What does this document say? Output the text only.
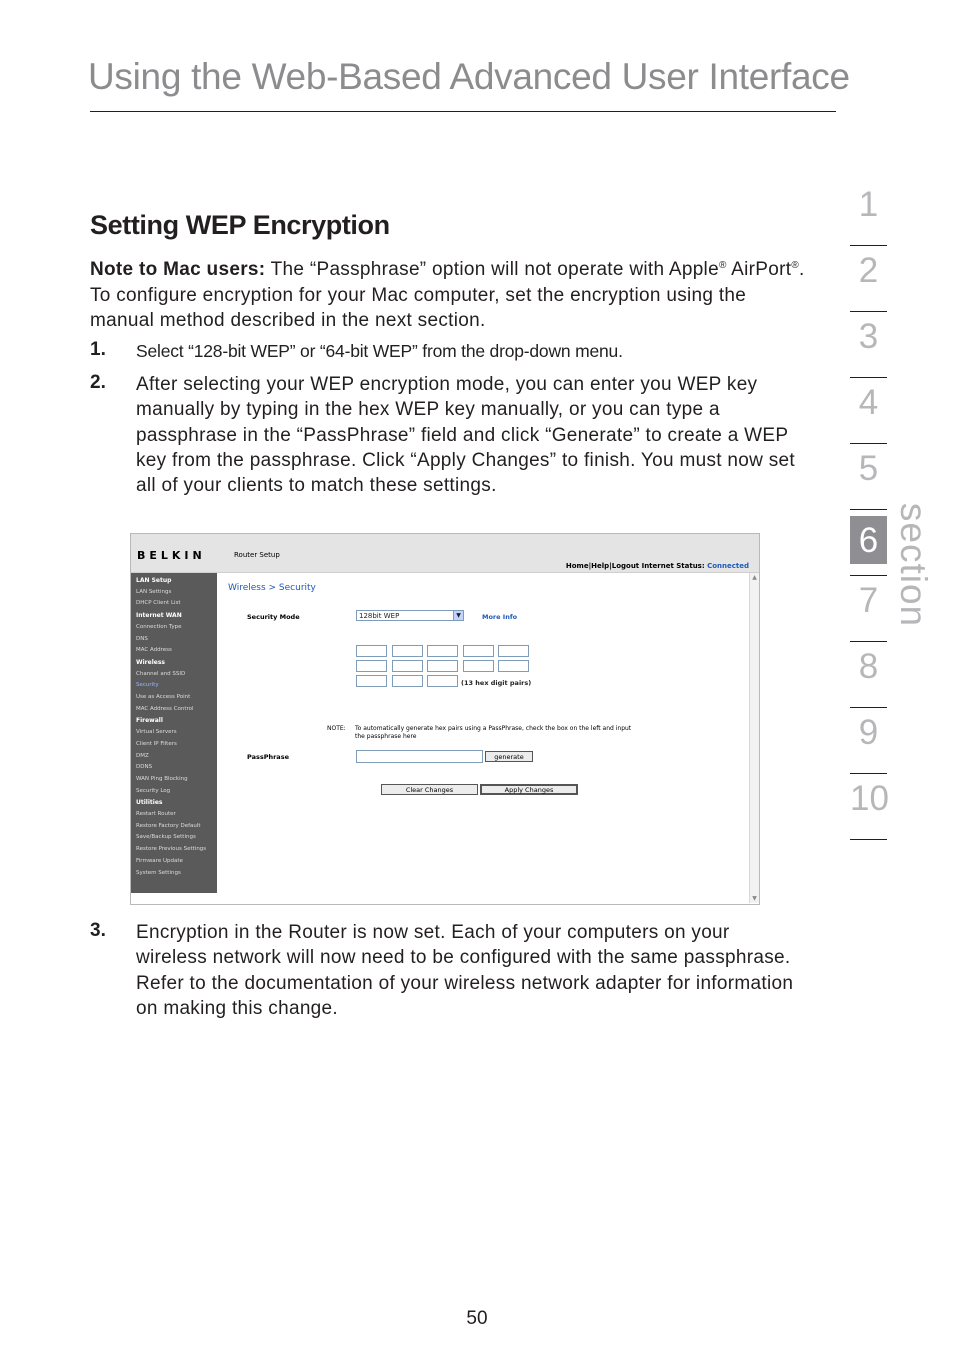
Using the Web-Based Advanced User Interface
1
2
3
4
5
6
7
8
9
10
section
Setting WEP Encryption
Note to Mac users: The “Passphrase” option will not operate with Apple® AirPort®. To configure encryption for your Mac computer, set the encryption using the manual method described in the next section.
1. Select “128-bit WEP” or “64-bit WEP” from the drop-down menu.
2. After selecting your WEP encryption mode, you can enter you WEP key manually by typing in the hex WEP key manually, or you can type a passphrase in the “PassPhrase” field and click “Generate” to create a WEP key from the passphrase. Click “Apply Changes” to finish. You must now set all of your clients to match these settings.
BELKIN	Router Setup
Home|Help|Logout Internet Status: Connected
LAN Setup
LAN Settings
DHCP Client List
Internet WAN
Connection Type
DNS
MAC Address
Wireless
Channel and SSID
Security
Use as Access Point
MAC Address Control
Firewall
Virtual Servers
Client IP Filters
DMZ
DDNS
WAN Ping Blocking
Security Log
Utilities
Restart Router
Restore Factory Default
Save/Backup Settings
Restore Previous Settings
Firmware Update
System Settings
▲
▼
Wireless > Security
Security Mode	128bit WEP	▼	More Info
(13 hex digit pairs)
NOTE: To automatically generate hex pairs using a PassPhrase, check the box on the left and input the passphrase here
PassPhrase	generate
Clear Changes	Apply Changes
3. Encryption in the Router is now set. Each of your computers on your wireless network will now need to be configured with the same passphrase. Refer to the documentation of your wireless network adapter for information on making this change.
50
